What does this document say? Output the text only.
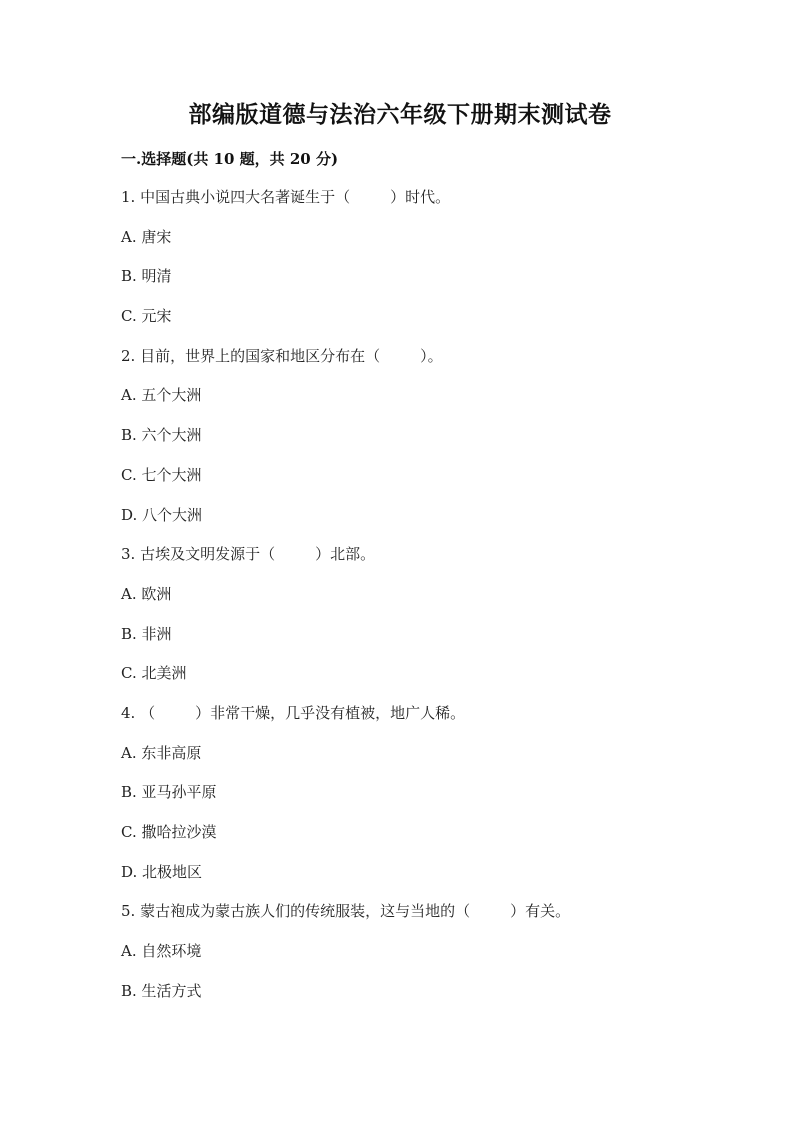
部编版道德与法治六年级下册期末测试卷
一.选择题(共 10 题，共 20 分)
1. 中国古典小说四大名著诞生于（	）时代。
A. 唐宋
B. 明清
C. 元宋
2. 目前，世界上的国家和地区分布在（	）。
A. 五个大洲
B. 六个大洲
C. 七个大洲
D. 八个大洲
3. 古埃及文明发源于（	）北部。
A. 欧洲
B. 非洲
C. 北美洲
4. （	）非常干燥，几乎没有植被，地广人稀。
A. 东非高原
B. 亚马孙平原
C. 撒哈拉沙漠
D. 北极地区
5. 蒙古袍成为蒙古族人们的传统服装，这与当地的（	）有关。
A. 自然环境
B. 生活方式
